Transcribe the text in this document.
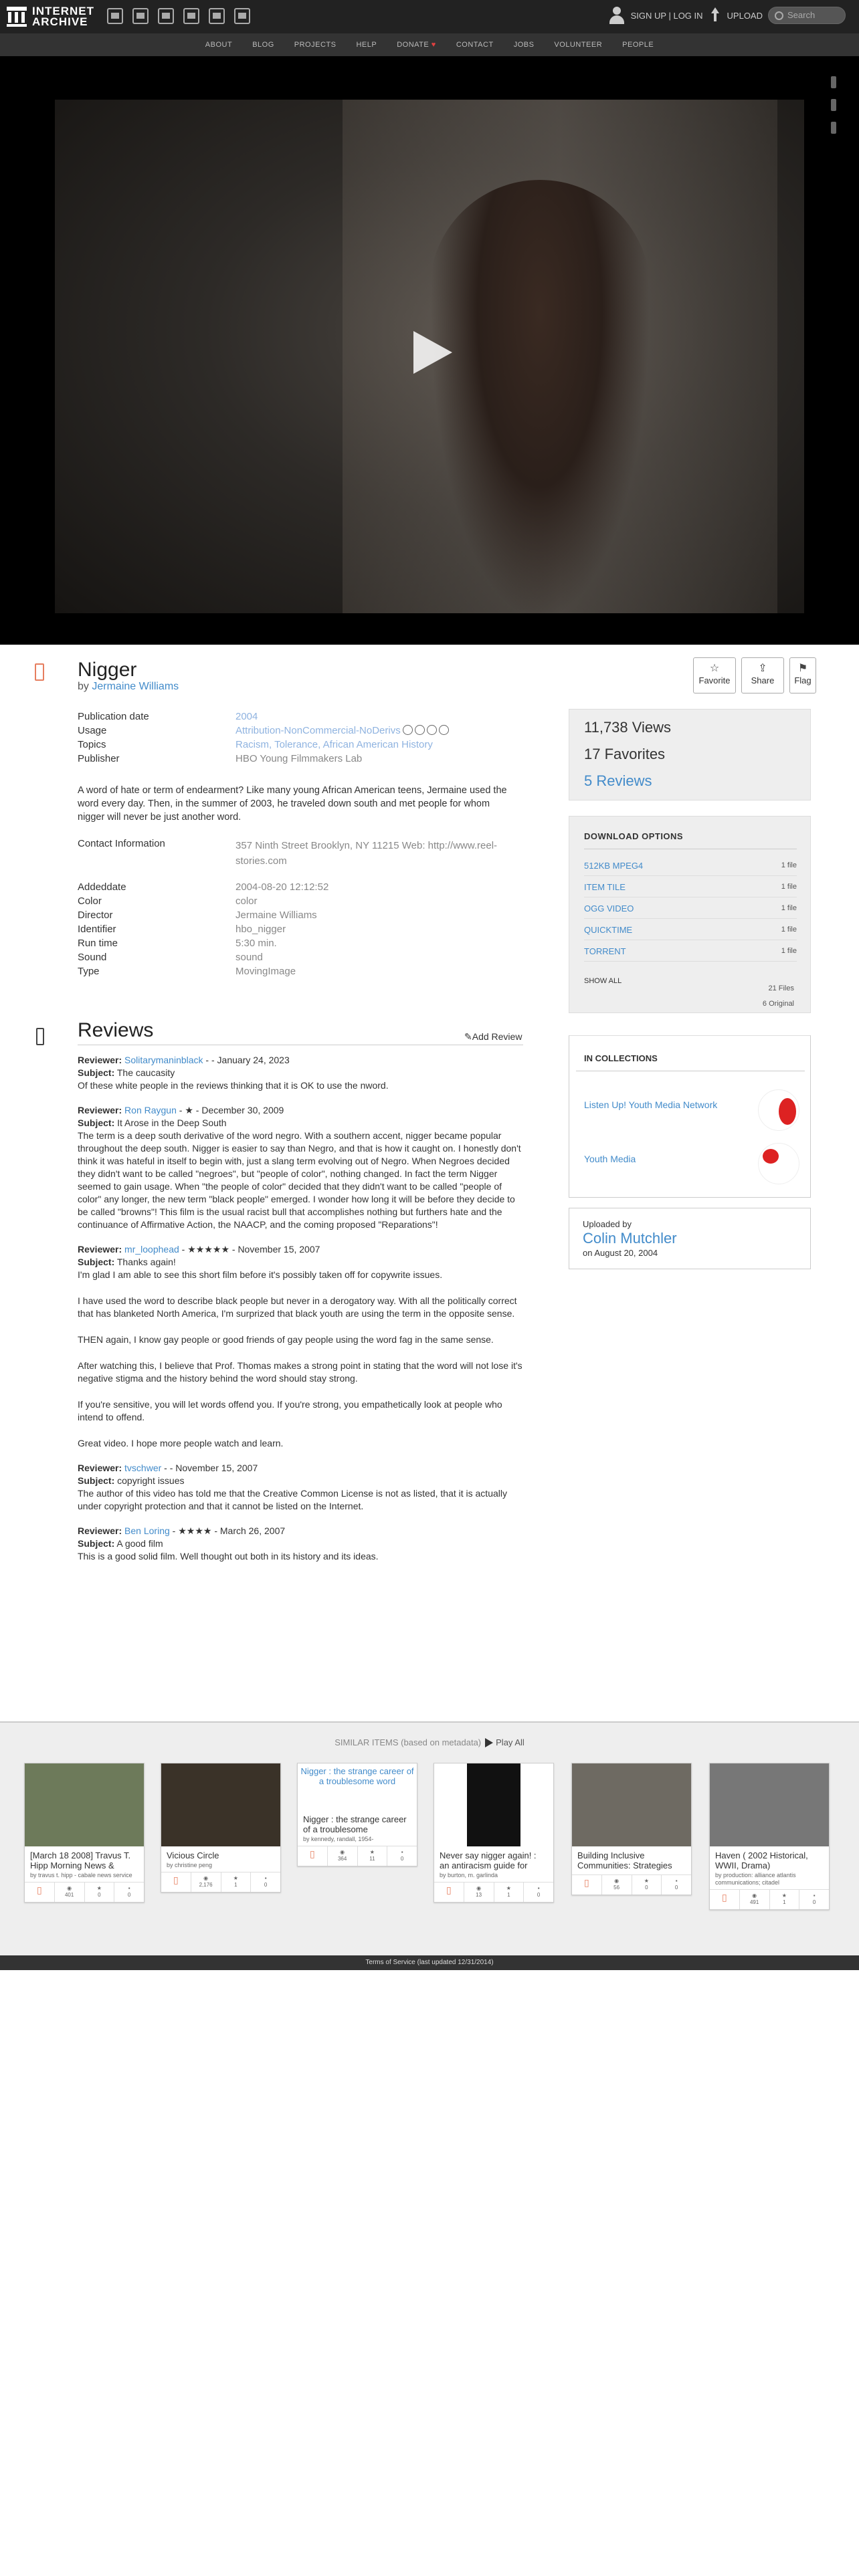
INTERNET
ARCHIVE	SIGN UP | LOG IN	UPLOAD	Search
ABOUT	BLOG	PROJECTS	HELP	DONATE ♥	CONTACT	JOBS	VOLUNTEER	PEOPLE
Nigger
by Jermaine Williams
☆
Favorite
⇪
Share
⚑
Flag
Publication date	2004
Usage	Attribution-NonCommercial-NoDerivs
Topics	Racism, Tolerance, African American History
Publisher	HBO Young Filmmakers Lab
A word of hate or term of endearment? Like many young African American teens, Jermaine used the word every day. Then, in the summer of 2003, he traveled down south and met people for whom nigger will never be just another word.
Contact Information	357 Ninth Street Brooklyn, NY 11215 Web: http://www.reel-stories.com
Addeddate	2004-08-20 12:12:52
Color	color
Director	Jermaine Williams
Identifier	hbo_nigger
Run time	5:30 min.
Sound	sound
Type	MovingImage
Reviews	✎Add Review
Reviewer: Solitarymaninblack - - January 24, 2023
Subject: The caucasity

Of these white people in the reviews thinking that it is OK to use the nword.

Reviewer: Ron Raygun - ★ - December 30, 2009
Subject: It Arose in the Deep South

The term is a deep south derivative of the word negro. With a southern accent, nigger became popular throughout the deep south. Nigger is easier to say than Negro, and that is how it caught on. I honestly don't think it was hateful in itself to begin with, just a slang term evolving out of Negro. When Negroes decided they didn't want to be called "negroes", but "people of color", nothing changed. In fact the term Nigger seemed to gain usage. When "the people of color" decided that they didn't want to be called "people of color" any longer, the new term "black people" emerged. I wonder how long it will be before they decide to be called "browns"! This film is the usual racist bull that accomplishes nothing but furthers hate and the continuance of Affirmative Action, the NAACP, and the coming proposed "Reparations"!

Reviewer: mr_loophead - ★★★★★ - November 15, 2007
Subject: Thanks again!

I'm glad I am able to see this short film before it's possibly taken off for copywrite issues.

I have used the word to describe black people but never in a derogatory way. With all the politically correct that has blanketed North America, I'm surprized that black youth are using the term in the opposite sense.

THEN again, I know gay people or good friends of gay people using the word fag in the same sense.

After watching this, I believe that Prof. Thomas makes a strong point in stating that the word will not lose it's negative stigma and the history behind the word should stay strong.

If you're sensitive, you will let words offend you. If you're strong, you empathetically look at people who intend to offend.

Great video. I hope more people watch and learn.

Reviewer: tvschwer - - November 15, 2007
Subject: copyright issues

The author of this video has told me that the Creative Common License is not as listed, that it is actually under copyright protection and that it cannot be listed on the Internet.

Reviewer: Ben Loring - ★★★★ - March 26, 2007
Subject: A good film

This is a good solid film. Well thought out both in its history and its ideas.

11,738 Views
17 Favorites
5 Reviews
DOWNLOAD OPTIONS
512KB MPEG4	1 file
ITEM TILE	1 file
OGG VIDEO	1 file
QUICKTIME	1 file
TORRENT	1 file
SHOW ALL
21 Files
6 Original
IN COLLECTIONS
Listen Up! Youth Media Network
Youth Media
Uploaded by
Colin Mutchler
on August 20, 2004
SIMILAR ITEMS (based on metadata) Play All
[March 18 2008] Travus T. Hipp Morning News &
by travus t. hipp - cabale news service
▯	◉
401
★
0
▪
0
Vicious Circle
by christine peng
▯	◉
2,176
★
1
▪
0
Nigger : the strange career of a troublesome word
Nigger : the strange career of a troublesome
by kennedy, randall, 1954-
▯	◉
364
★
11
▪
0	Never say nigger again! : an antiracism guide for
by burton, m. garlinda
▯	◉
13
★
1
▪
0
Building Inclusive Communities: Strategies
▯	◉
56
★
0
▪
0
Haven ( 2002 Historical, WWII, Drama)
by production: alliance atlantis communications; citadel
▯	◉
491
★
1
▪
0
Terms of Service (last updated 12/31/2014)
